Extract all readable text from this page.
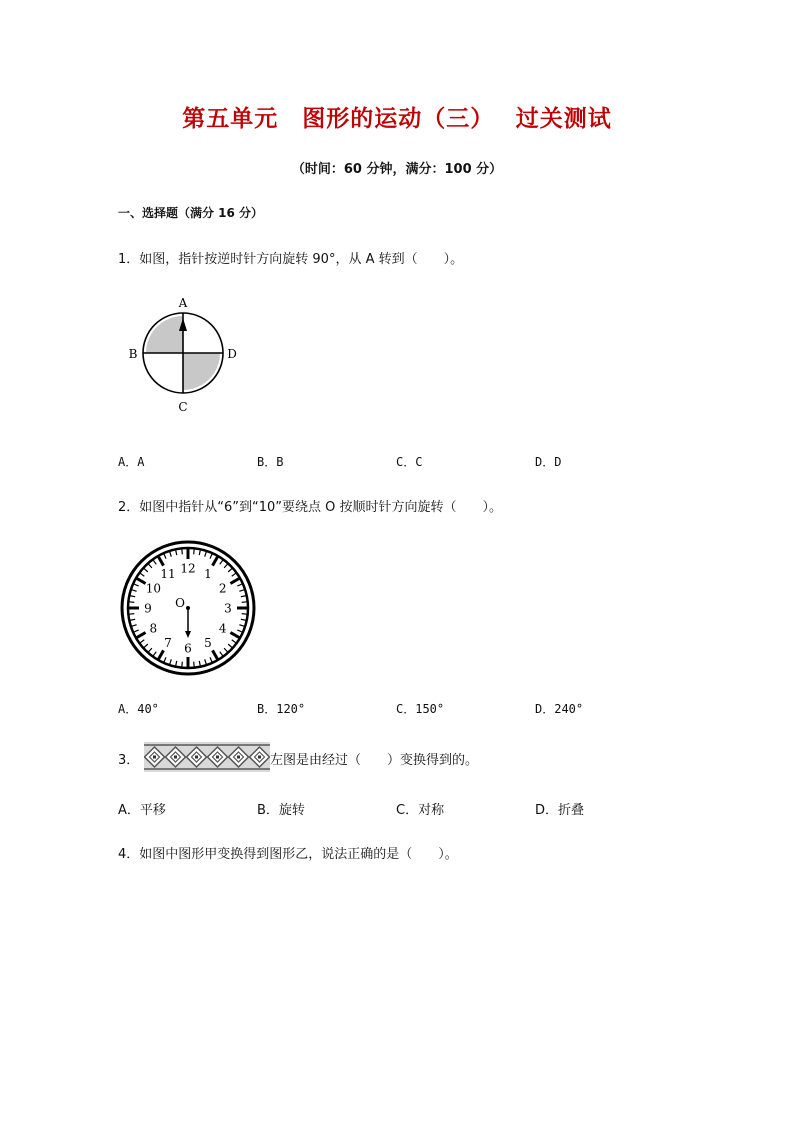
第五单元　图形的运动（三）　 过关测试
（时间：60 分钟，满分：100 分）
一、选择题（满分 16 分）
1．如图，指针按逆时针方向旋转 90°，从 A 转到（　　）。
A
B	D
C
A．A	B．B	C．C	D．D
2．如图中指针从“6”到“10”要绕点 O 按顺时针方向旋转（　　）。
12 1
2
3
4
5
6
7
8
9
10
11
O
A．40°	B．120°	C．150°	D．240°
3．	左图是由经过（　　）变换得到的。
A．平移	B．旋转	C．对称	D．折叠
4．如图中图形甲变换得到图形乙，说法正确的是（　　）。
